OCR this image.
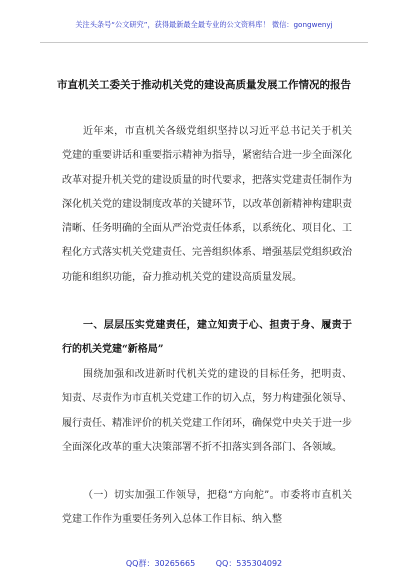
关注头条号“公文研究”，获得最新最全最专业的公文资料库！ 微信：gongwenyj
市直机关工委关于推动机关党的建设高质量发展工作情况的报告

近年来，市直机关各级党组织坚持以习近平总书记关于机关党建的重要讲话和重要指示精神为指导，紧密结合进一步全面深化改革对提升机关党的建设质量的时代要求，把落实党建责任制作为深化机关党的建设制度改革的关键环节，以改革创新精神构建职责清晰、任务明确的全面从严治党责任体系，以系统化、项目化、工程化方式落实机关党建责任、完善组织体系、增强基层党组织政治功能和组织功能，奋力推动机关党的建设高质量发展。

一、层层压实党建责任，建立知责于心、担责于身、履责于行的机关党建“新格局”

围绕加强和改进新时代机关党的建设的目标任务，把明责、知责、尽责作为市直机关党建工作的切入点，努力构建强化领导、履行责任、精准评价的机关党建工作闭环，确保党中央关于进一步全面深化改革的重大决策部署不折不扣落实到各部门、各领域。

（一）切实加强工作领导，把稳“方向舵”。市委将市直机关党建工作作为重要任务列入总体工作目标、纳入整

QQ群：30265665	QQ：535304092
